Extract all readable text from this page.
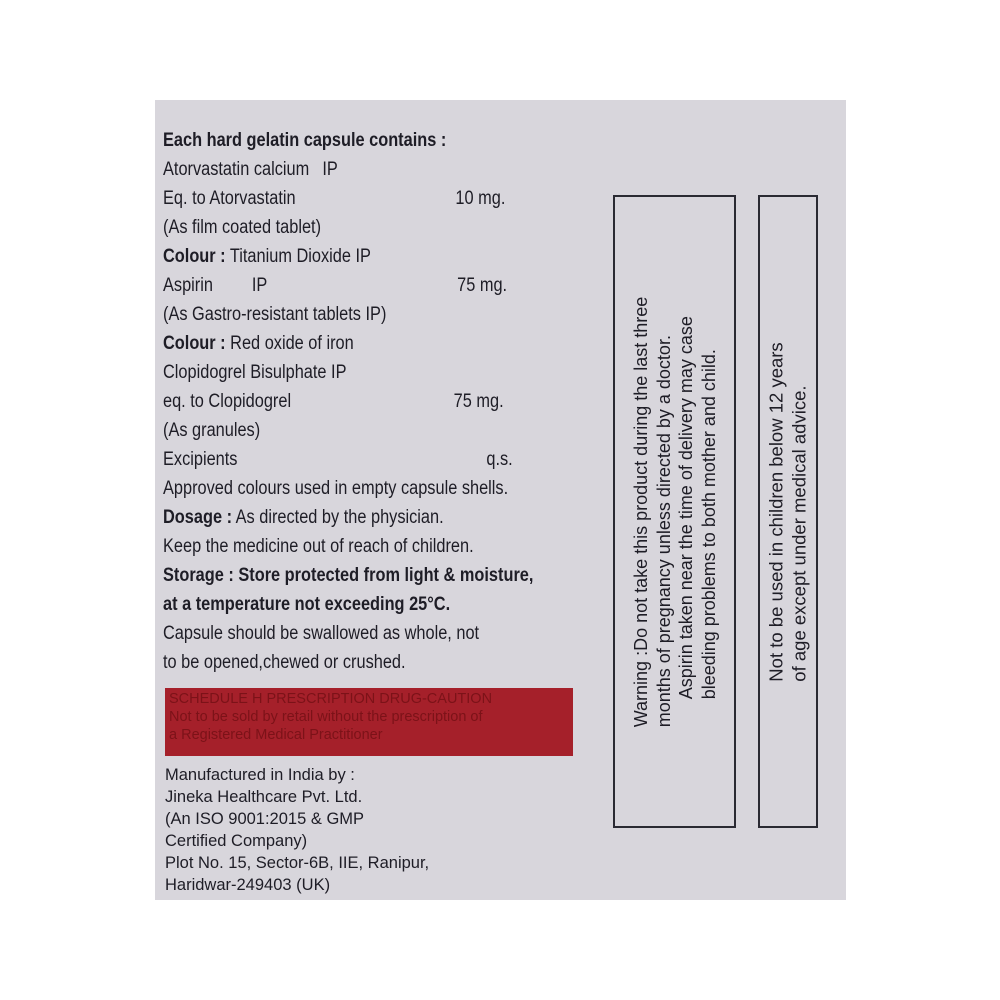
Each hard gelatin capsule contains :
Atorvastatin calcium IP
Eq. to Atorvastatin	10 mg.
(As film coated tablet)
Colour : Titanium Dioxide IP
Aspirin IP	75 mg.
(As Gastro-resistant tablets IP)
Colour : Red oxide of iron
Clopidogrel Bisulphate IP
eq. to Clopidogrel	75 mg.
(As granules)
Excipients	q.s.
Approved colours used in empty capsule shells.
Dosage : As directed by the physician.
Keep the medicine out of reach of children.
Storage : Store protected from light & moisture,
at a temperature not exceeding 25°C.
Capsule should be swallowed as whole, not
to be opened,chewed or crushed.
SCHEDULE H PRESCRIPTION DRUG-CAUTION
Not to be sold by retail without the prescription of
a Registered Medical Practitioner
Manufactured in India by :
Jineka Healthcare Pvt. Ltd.
(An ISO 9001:2015 & GMP
Certified Company)
Plot No. 15, Sector-6B, IIE, Ranipur,
Haridwar-249403 (UK)
Warning :Do not take this product during the last three months of pregnancy unless directed by a doctor. Aspirin taken near the time of delivery may case bleeding problems to both mother and child.	Not to be used in children below 12 years of age except under medical advice.
